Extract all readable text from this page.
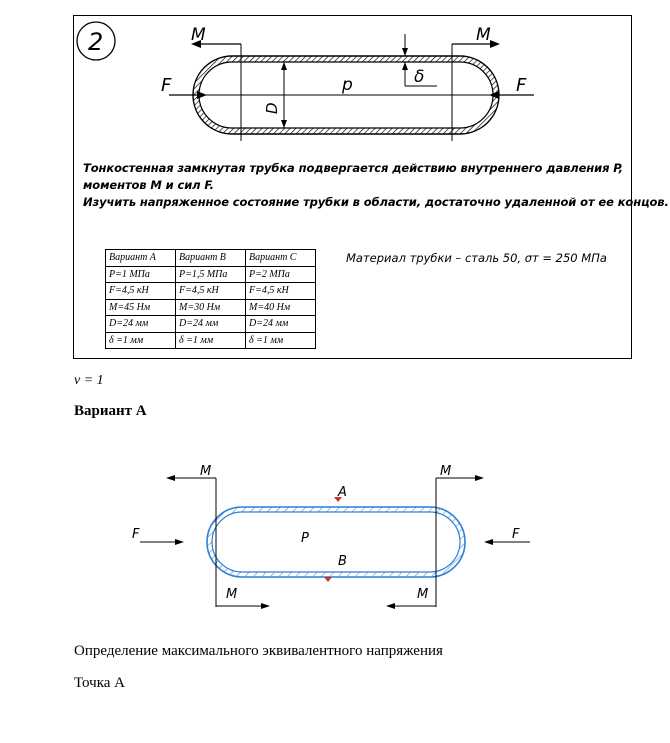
2
F	F
M	M
D
p	δ
Тонкостенная замкнутая трубка подвергается действию внутреннего давления P,
моментов M и сил F.
Изучить напряженное состояние трубки в области, достаточно удаленной от ее концов.
Вариант A	Вариант B	Вариант C
P=1 МПа	P=1,5 МПа	P=2 МПа
F=4,5 кН	F=4,5 кН	F=4,5 кН
M=45 Нм	M=30 Нм	M=40 Нм
D=24 мм	D=24 мм	D=24 мм
δ =1 мм	δ =1 мм	δ =1 мм
Материал трубки – сталь 50, σт = 250 МПа
ν = 1
Вариант А
M	M
M	M
F	F
A
B
P
Определение максимального эквивалентного напряжения
Точка А
